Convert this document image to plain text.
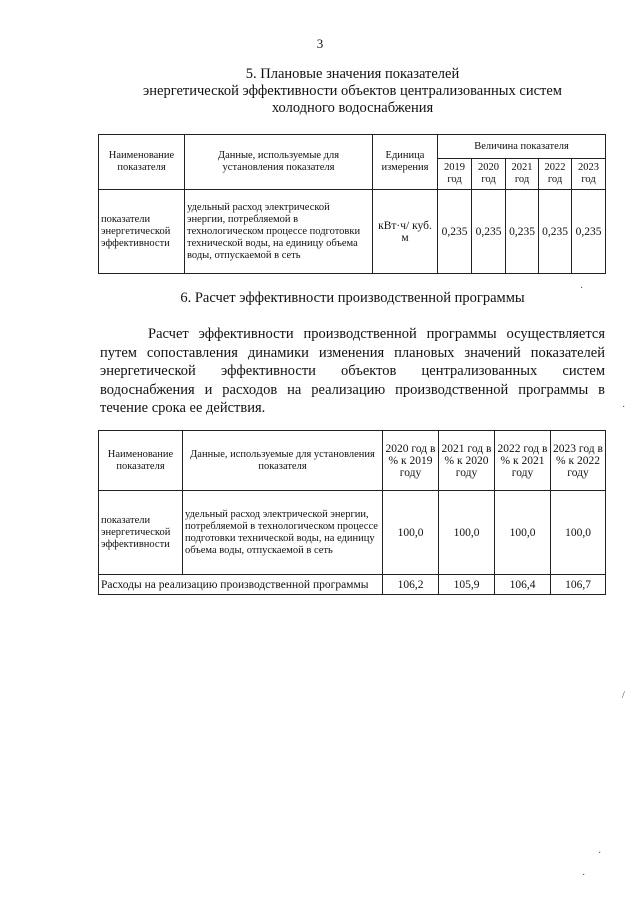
3
5. Плановые значения показателей
энергетической эффективности объектов централизованных систем
холодного водоснабжения
Наименование показателя	Данные, используемые для установления показателя	Единица измерения	Величина показателя				
			2019 год	2020 год	2021 год	2022 год	2023 год
показатели энергетической эффективности	удельный расход электрической энергии, потребляемой в технологическом процессе подготовки технической воды, на единицу объема воды, отпускаемой в сеть	кВт·ч/ куб. м	0,235	0,235	0,235	0,235	0,235
6. Расчет эффективности производственной программы
Расчет эффективности производственной программы осуществляется путем сопоставления динамики изменения плановых значений показателей энергетической эффективности объектов централизованных систем водоснабжения и расходов на реализацию производственной программы в течение срока ее действия.
Наименование показателя	Данные, используемые для установления показателя	2020 год в % к 2019 году	2021 год в % к 2020 году	2022 год в % к 2021 году	2023 год в % к 2022 году
показатели энергетической эффективности	удельный расход электрической энергии, потребляемой в технологическом процессе подготовки технической воды, на единицу объема воды, отпускаемой в сеть	100,0	100,0	100,0	100,0
Расходы на реализацию производственной программы		106,2	105,9	106,4	106,7
·
·
/
·
·
